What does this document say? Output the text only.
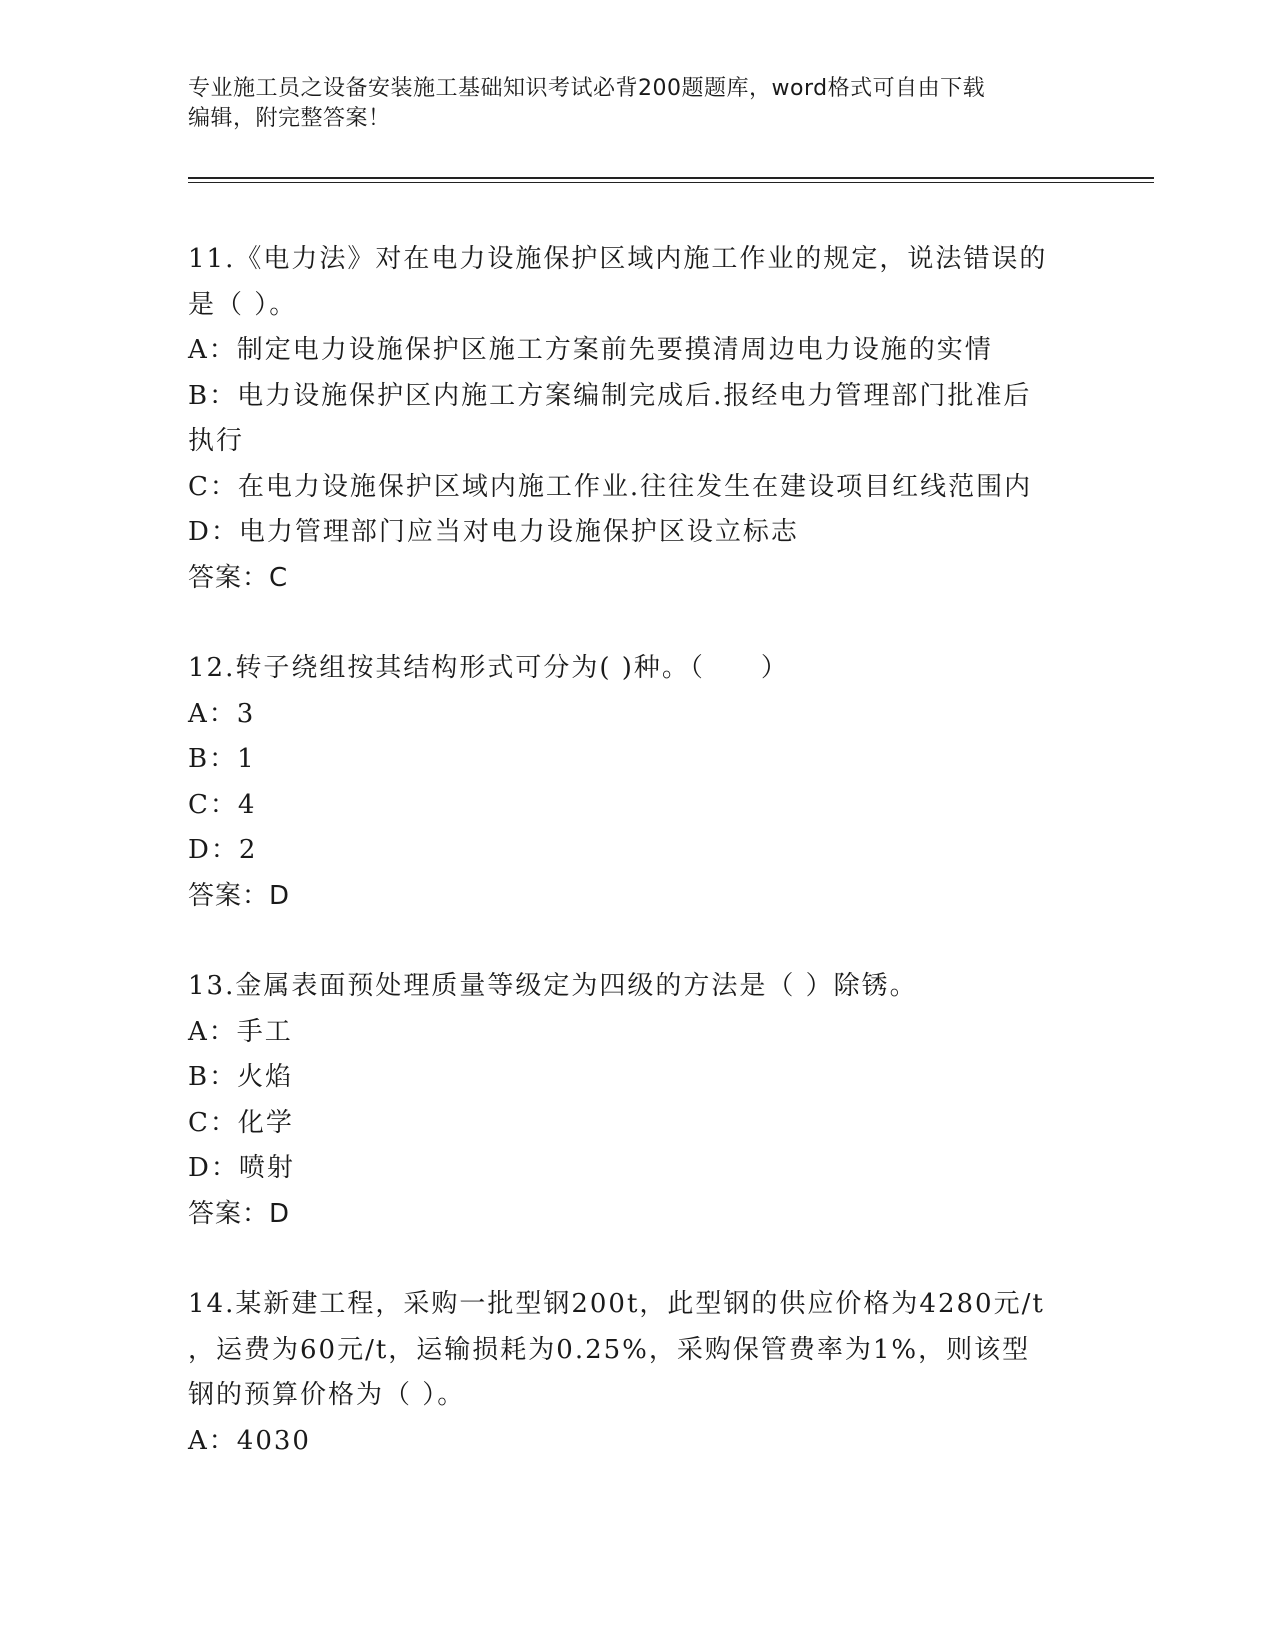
专业施工员之设备安装施工基础知识考试必背200题题库，word格式可自由下载
编辑，附完整答案！
11.《电力法》对在电力设施保护区域内施工作业的规定，说法错误的
是（ ）。
A：制定电力设施保护区施工方案前先要摸清周边电力设施的实情
B：电力设施保护区内施工方案编制完成后.报经电力管理部门批准后
执行
C：在电力设施保护区域内施工作业.往往发生在建设项目红线范围内
D：电力管理部门应当对电力设施保护区设立标志
答案：C
12.转子绕组按其结构形式可分为( )种。（　　）
A：3
B：1
C：4
D：2
答案：D
13.金属表面预处理质量等级定为四级的方法是（ ）除锈。
A：手工
B：火焰
C：化学
D：喷射
答案：D
14.某新建工程，采购一批型钢200t，此型钢的供应价格为4280元/t
，运费为60元/t，运输损耗为0.25%，采购保管费率为1%，则该型
钢的预算价格为（ ）。
A：4030
